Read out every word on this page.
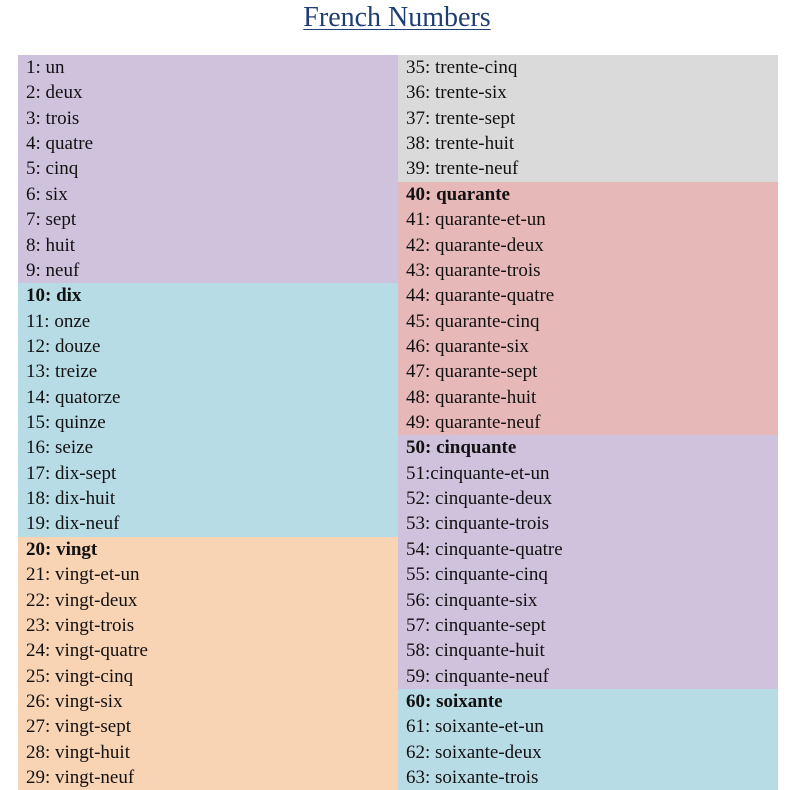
French Numbers
1: un
2: deux
3: trois
4: quatre
5: cinq
6: six
7: sept
8: huit
9: neuf
10: dix
11: onze
12: douze
13: treize
14: quatorze
15: quinze
16: seize
17: dix-sept
18: dix-huit
19: dix-neuf
20: vingt
21: vingt-et-un
22: vingt-deux
23: vingt-trois
24: vingt-quatre
25: vingt-cinq
26: vingt-six
27: vingt-sept
28: vingt-huit
29: vingt-neuf
35: trente-cinq
36: trente-six
37: trente-sept
38: trente-huit
39: trente-neuf
40: quarante
41: quarante-et-un
42: quarante-deux
43: quarante-trois
44: quarante-quatre
45: quarante-cinq
46: quarante-six
47: quarante-sept
48: quarante-huit
49: quarante-neuf
50: cinquante
51:cinquante-et-un
52: cinquante-deux
53: cinquante-trois
54: cinquante-quatre
55: cinquante-cinq
56: cinquante-six
57: cinquante-sept
58: cinquante-huit
59: cinquante-neuf
60: soixante
61: soixante-et-un
62: soixante-deux
63: soixante-trois
